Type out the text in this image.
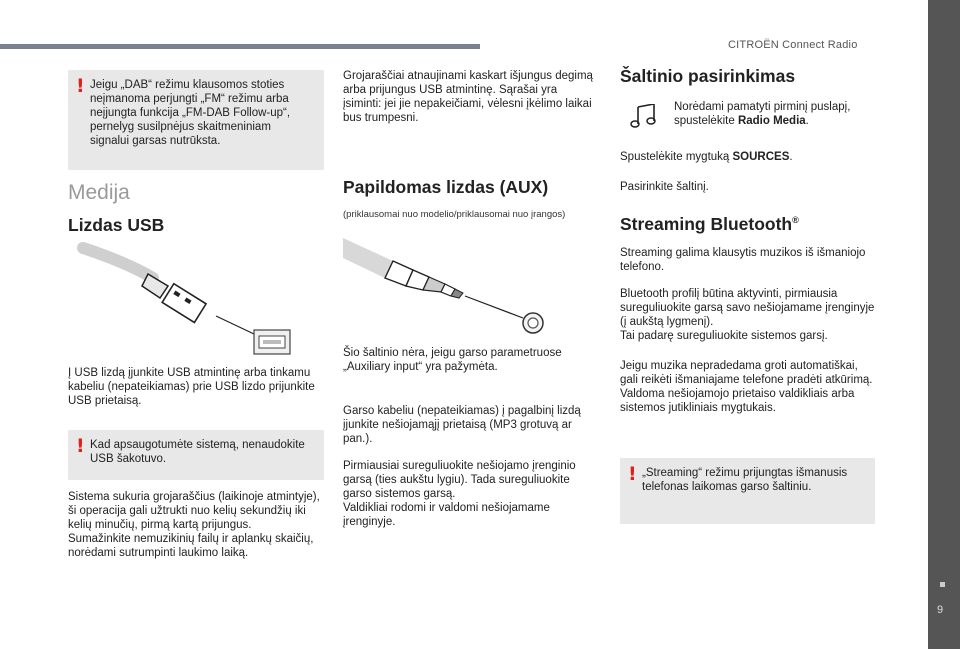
CITROËN Connect Radio
9
! Jeigu „DAB“ režimu klausomos stoties neįmanoma perjungti „FM“ režimu arba neįjungta funkcija „FM-DAB Follow-up“, pernelyg susilpnėjus skaitmeniniam signalui garsas nutrūksta.
Medija
Lizdas USB
Į USB lizdą įjunkite USB atmintinę arba tinkamu kabeliu (nepateikiamas) prie USB lizdo prijunkite USB prietaisą.
! Kad apsaugotumėte sistemą, nenaudokite USB šakotuvo.
Sistema sukuria grojaraščius (laikinoje atmintyje), ši operacija gali užtrukti nuo kelių sekundžių iki kelių minučių, pirmą kartą prijungus.
Sumažinkite nemuzikinių failų ir aplankų skaičių, norėdami sutrumpinti laukimo laiką.
Grojaraščiai atnaujinami kaskart išjungus degimą arba prijungus USB atmintinę. Sąrašai yra įsiminti: jei jie nepakeičiami, vėlesni įkėlimo laikai bus trumpesni.
Papildomas lizdas (AUX)
(priklausomai nuo modelio/priklausomai nuo įrangos)
Šio šaltinio nėra, jeigu garso parametruose „Auxiliary input“ yra pažymėta.
Garso kabeliu (nepateikiamas) į pagalbinį lizdą įjunkite nešiojamąjį prietaisą (MP3 grotuvą ar pan.).
Pirmiausiai sureguliuokite nešiojamo įrenginio garsą (ties aukštu lygiu). Tada sureguliuokite garso sistemos garsą.
Valdikliai rodomi ir valdomi nešiojamame įrenginyje.
Šaltinio pasirinkimas
Norėdami pamatyti pirminį puslapį, spustelėkite Radio Media.
Spustelėkite mygtuką SOURCES.
Pasirinkite šaltinį.
Streaming Bluetooth®
Streaming galima klausytis muzikos iš išmaniojo telefono.
Bluetooth profilį būtina aktyvinti, pirmiausia sureguliuokite garsą savo nešiojamame įrenginyje (į aukštą lygmenį).
Tai padarę sureguliuokite sistemos garsį.
Jeigu muzika nepradedama groti automatiškai, gali reikėti išmaniajame telefone pradėti atkūrimą.
Valdoma nešiojamojo prietaiso valdikliais arba sistemos jutikliniais mygtukais.
! „Streaming“ režimu prijungtas išmanusis telefonas laikomas garso šaltiniu.
